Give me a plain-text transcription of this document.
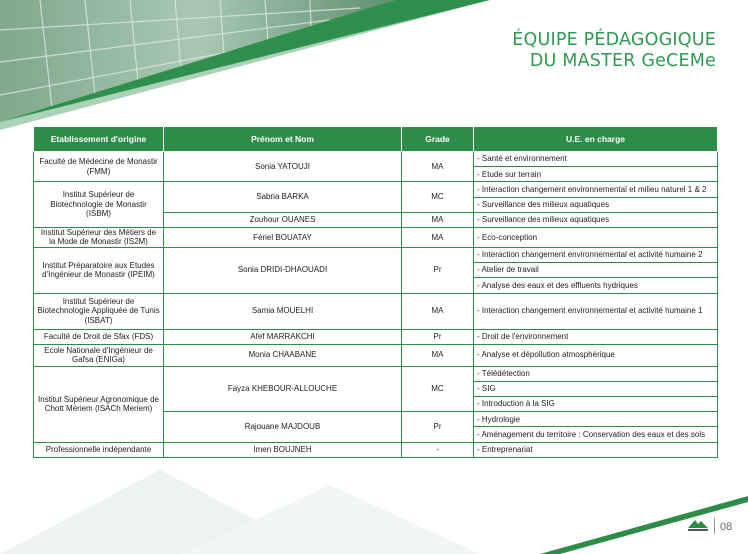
ÉQUIPE PÉDAGOGIQUE
DU MASTER GeCEMe
Etablissement d'origine	Prénom et Nom	Grade	U.E. en charge
Faculté de Médecine de Monastir (FMM)	Sonia YATOUJI	MA	- Santé et environnement
			- Etude sur terrain
Institut Supérieur de Biotechnologie de Monastir (ISBM)	Sabria BARKA	MC	- Interaction changement environnemental et milieu naturel 1 & 2
			- Surveillance des milieux aquatiques
	Zouhour OUANES	MA	- Surveillance des milieux aquatiques
Institut Supérieur des Métiers de la Mode de Monastir (IS2M)	Fériel BOUATAY	MA	- Eco-conception
Institut Préparatoire aux Etudes d'Ingénieur de Monastir (IPEIM)	Sonia DRIDI-DHAOUADI	Pr	- Interaction changement environnemental et activité humaine 2
			- Atelier de travail
			- Analyse des eaux et des effluents hydriques
Institut Supérieur de Biotechnologie Appliquée de Tunis (ISBAT)	Samia MOUELHI	MA	- Interaction changement environnemental et activité humaine 1
Faculté de Droit de Sfax (FDS)	Afef MARRAKCHI	Pr	- Droit de l'environnement
Ecole Nationale d'Ingénieur de Gafsa (ENIGa)	Monia CHAABANE	MA	- Analyse et dépollution atmosphérique
Institut Supérieur Agronomique de Chott Mériem (ISACh Meriem)	Fayza KHEBOUR-ALLOUCHE	MC	- Télédétection
			- SIG
			- Introduction à la SIG
	Rajouane MAJDOUB	Pr	- Hydrologie
			- Aménagement du territoire : Conservation des eaux et des sols
Professionnelle indépendante	Imen BOUJNEH	-	- Entreprenariat
08
